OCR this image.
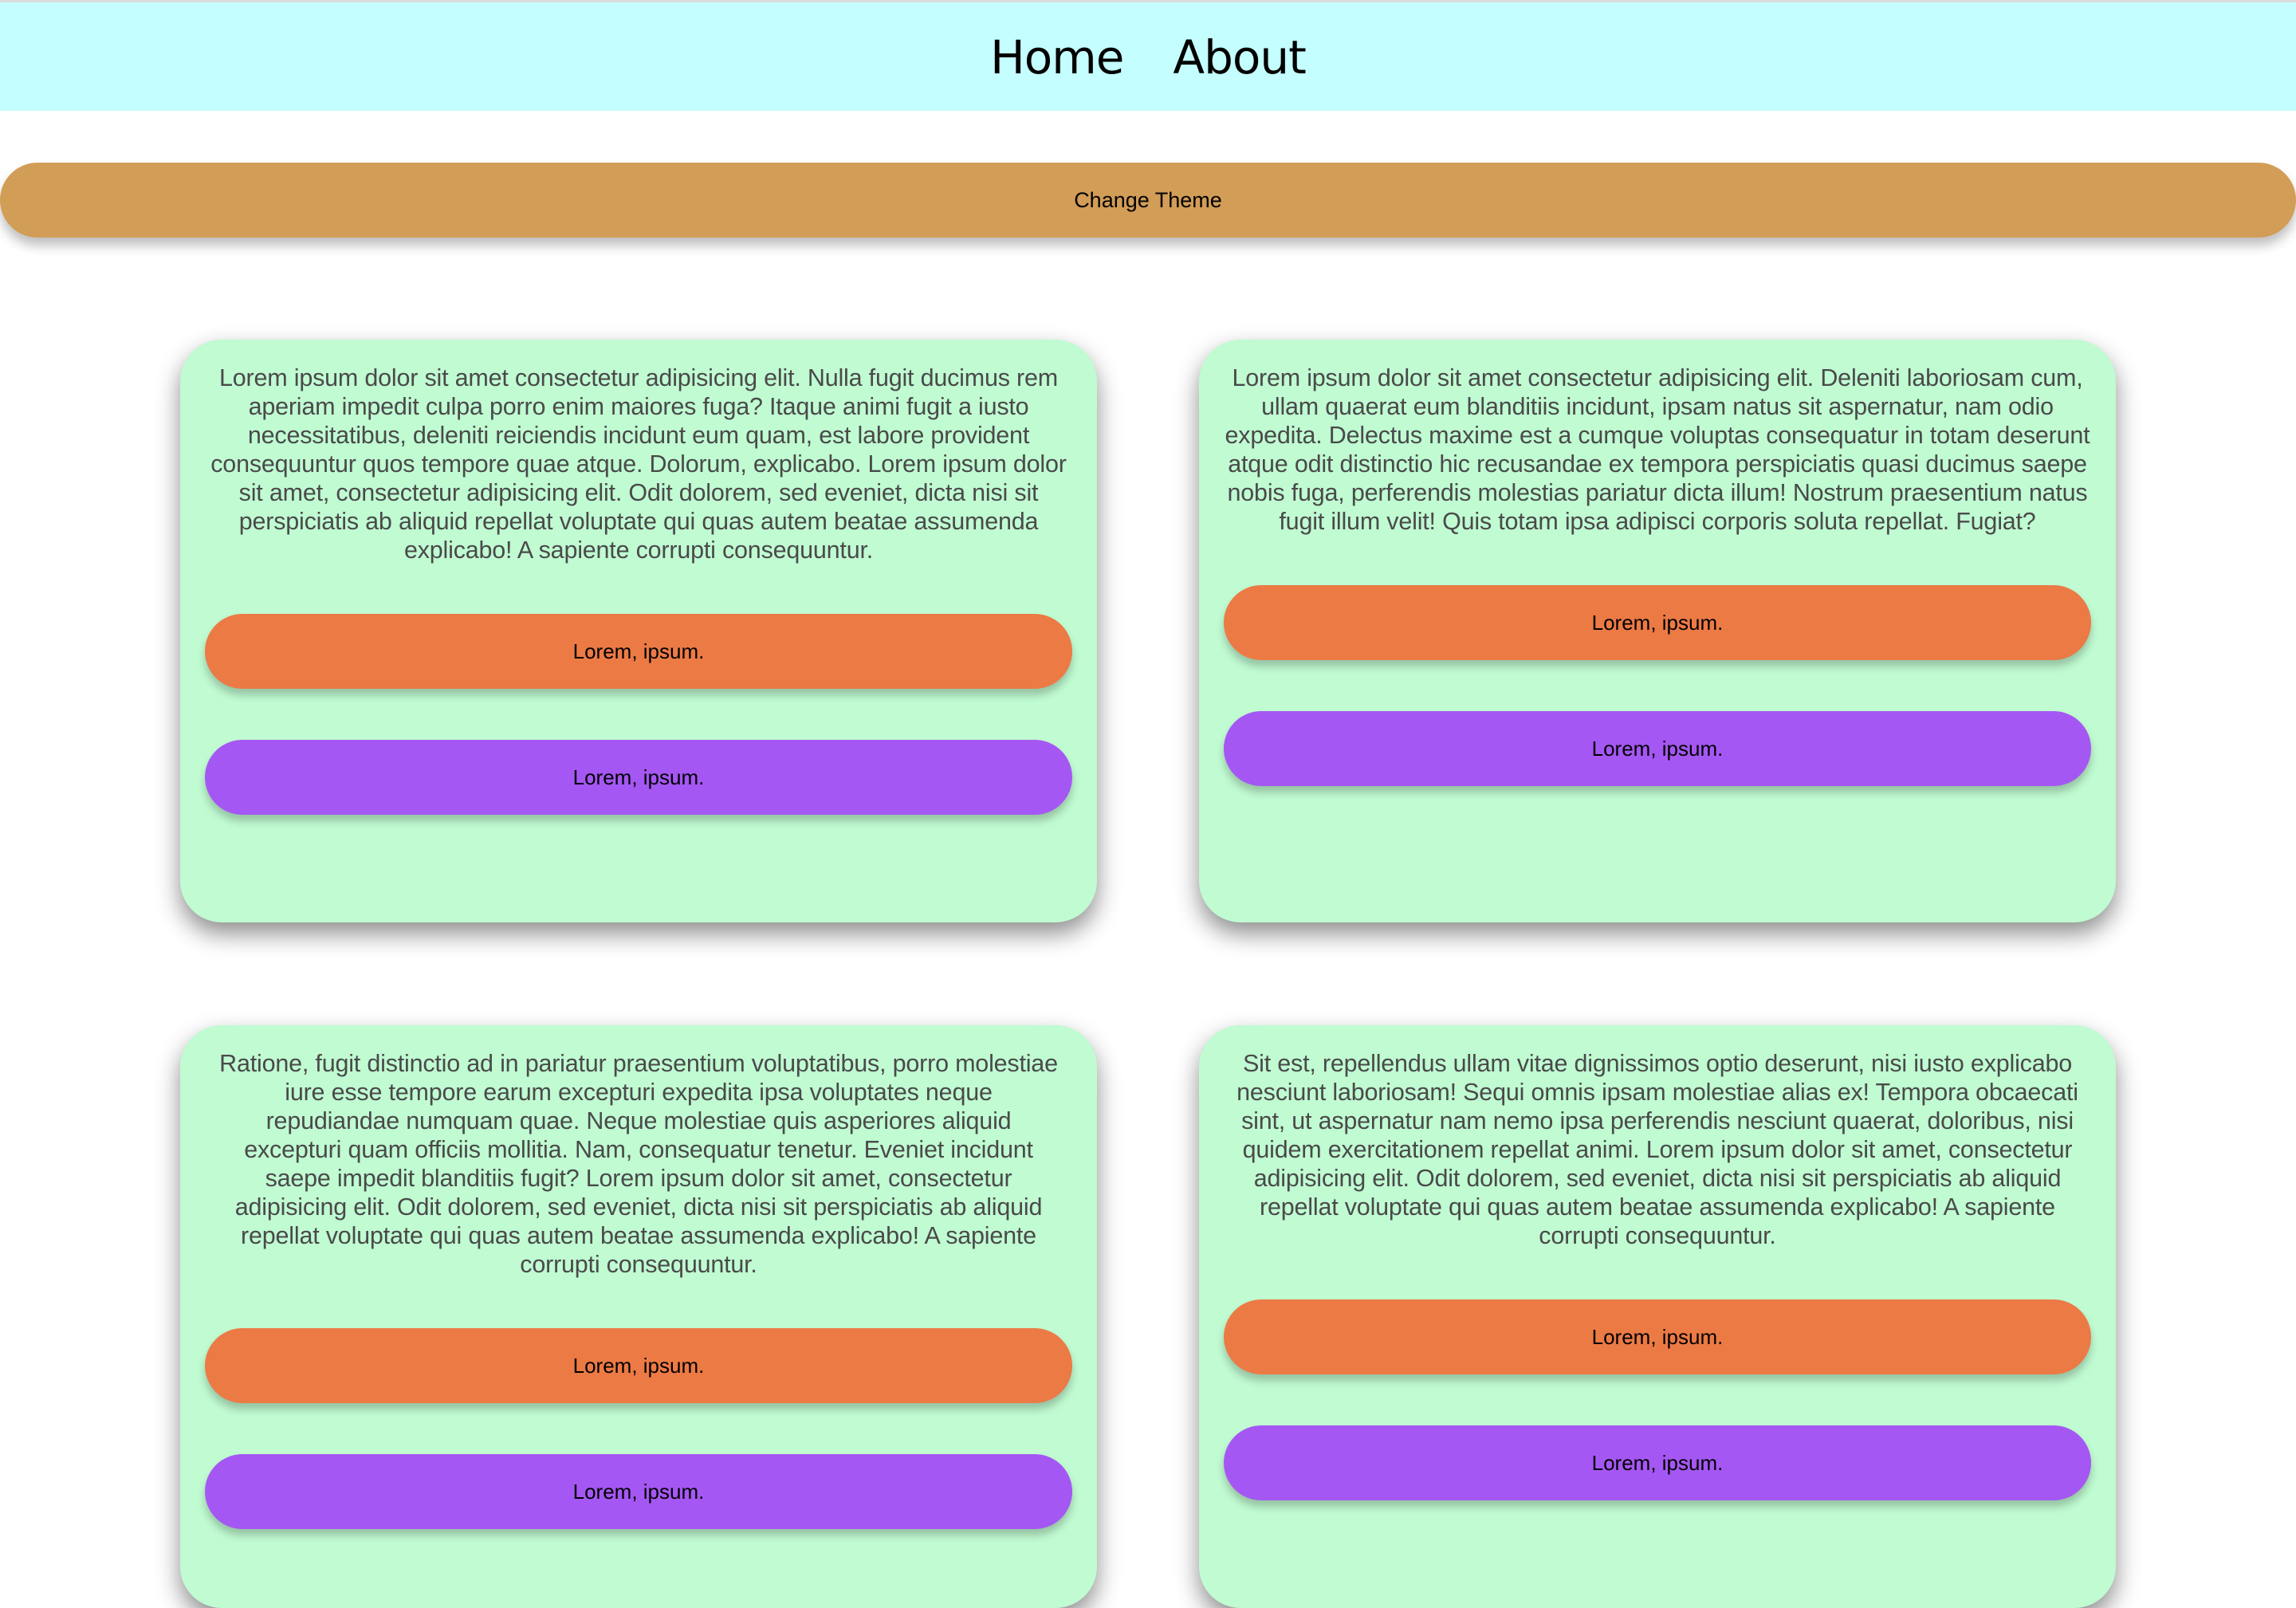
Home About
Change Theme

Lorem ipsum dolor sit amet consectetur adipisicing elit. Nulla fugit ducimus rem aperiam impedit culpa porro enim maiores fuga? Itaque animi fugit a iusto necessitatibus, deleniti reiciendis incidunt eum quam, est labore provident consequuntur quos tempore quae atque. Dolorum, explicabo. Lorem ipsum dolor sit amet, consectetur adipisicing elit. Odit dolorem, sed eveniet, dicta nisi sit perspiciatis ab aliquid repellat voluptate qui quas autem beatae assumenda explicabo! A sapiente corrupti consequuntur.

Lorem, ipsum.
Lorem, ipsum.

Lorem ipsum dolor sit amet consectetur adipisicing elit. Deleniti laboriosam cum, ullam quaerat eum blanditiis incidunt, ipsam natus sit aspernatur, nam odio expedita. Delectus maxime est a cumque voluptas consequatur in totam deserunt atque odit distinctio hic recusandae ex tempora perspiciatis quasi ducimus saepe nobis fuga, perferendis molestias pariatur dicta illum! Nostrum praesentium natus fugit illum velit! Quis totam ipsa adipisci corporis soluta repellat. Fugiat?

Lorem, ipsum.
Lorem, ipsum.

Ratione, fugit distinctio ad in pariatur praesentium voluptatibus, porro molestiae iure esse tempore earum excepturi expedita ipsa voluptates neque repudiandae numquam quae. Neque molestiae quis asperiores aliquid excepturi quam officiis mollitia. Nam, consequatur tenetur. Eveniet incidunt saepe impedit blanditiis fugit? Lorem ipsum dolor sit amet, consectetur adipisicing elit. Odit dolorem, sed eveniet, dicta nisi sit perspiciatis ab aliquid repellat voluptate qui quas autem beatae assumenda explicabo! A sapiente corrupti consequuntur.

Lorem, ipsum.
Lorem, ipsum.

Sit est, repellendus ullam vitae dignissimos optio deserunt, nisi iusto explicabo nesciunt laboriosam! Sequi omnis ipsam molestiae alias ex! Tempora obcaecati sint, ut aspernatur nam nemo ipsa perferendis nesciunt quaerat, doloribus, nisi quidem exercitationem repellat animi. Lorem ipsum dolor sit amet, consectetur adipisicing elit. Odit dolorem, sed eveniet, dicta nisi sit perspiciatis ab aliquid repellat voluptate qui quas autem beatae assumenda explicabo! A sapiente corrupti consequuntur.

Lorem, ipsum.
Lorem, ipsum.
